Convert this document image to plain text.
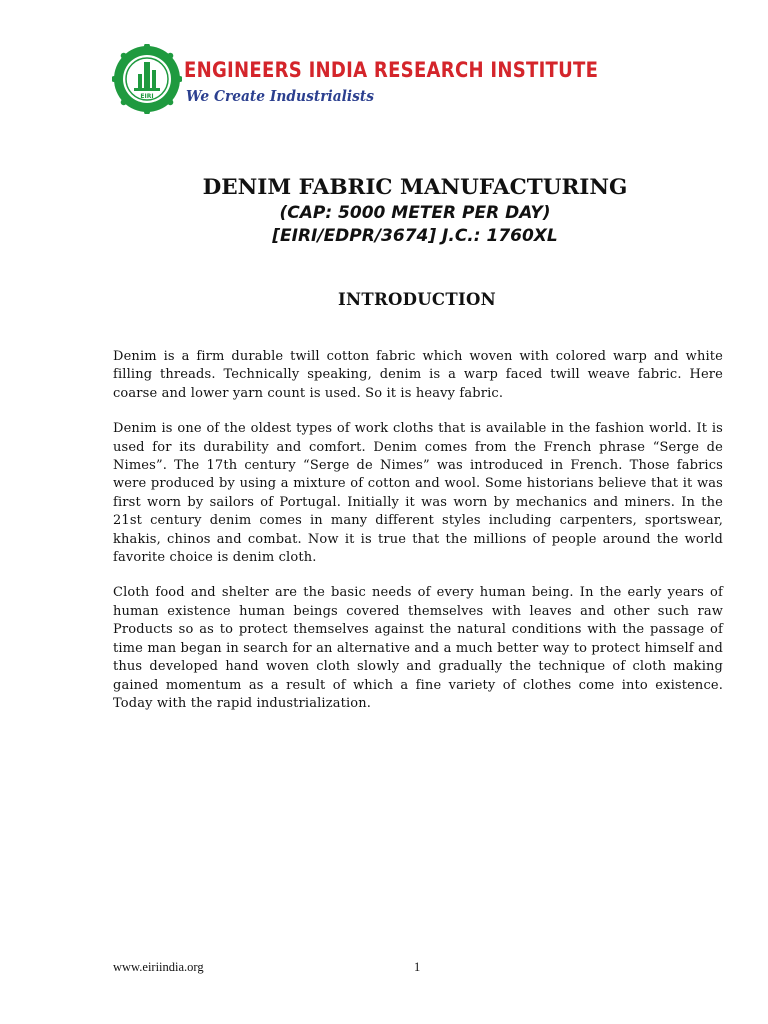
EIRI
ENGINEERS INDIA RESEARCH INSTITUTE
We Create Industrialists
DENIM FABRIC MANUFACTURING

(CAP: 5000 METER PER DAY)

[EIRI/EDPR/3674] J.C.: 1760XL

INTRODUCTION

Denim is a firm durable twill cotton fabric which woven with colored warp and white filling threads. Technically speaking, denim is a warp faced twill weave fabric. Here coarse and lower yarn count is used. So it is heavy fabric.

Denim is one of the oldest types of work cloths that is available in the fashion world. It is used for its durability and comfort. Denim comes from the French phrase “Serge de Nimes”. The 17th century “Serge de Nimes” was introduced in French. Those fabrics were produced by using a mixture of cotton and wool. Some historians believe that it was first worn by sailors of Portugal. Initially it was worn by mechanics and miners. In the 21st century denim comes in many different styles including carpenters, sportswear, khakis, chinos and combat. Now it is true that the millions of people around the world favorite choice is denim cloth.

Cloth food and shelter are the basic needs of every human being. In the early years of human existence human beings covered themselves with leaves and other such raw Products so as to protect themselves against the natural conditions with the passage of time man began in search for an alternative and a much better way to protect himself and thus developed hand woven cloth slowly and gradually the technique of cloth making gained momentum as a result of which a fine variety of clothes come into existence. Today with the rapid industrialization.

www.eiriindia.org	1
